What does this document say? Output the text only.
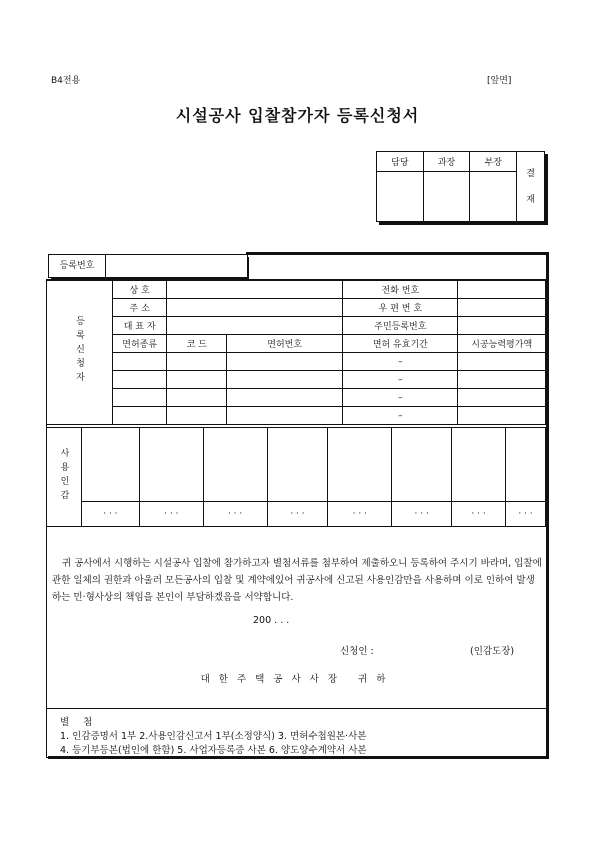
B4전용	[앞면]
시설공사 입찰참가자 등록신청서
담당	과장	부장	결
재

등록번호
등록신청자	상 호			전화 번호	
	주 소			우 편 번 호	
	대 표 자			주민등록번호	
	면허종류	코 드	면허번호	면허 유효기간	시공능력평가액
				–	
				–	
				–	
				–	
사용인감								
	· · ·	· · ·	· · ·	· · ·	· · ·	· · ·	· · ·	· · ·

귀 공사에서 시행하는 시설공사 입찰에 참가하고자 별첨서류를 첨부하여 제출하오니 등록하여 주시기 바라며, 입찰에 관한 일체의 권한과 아울러 모든공사의 입찰 및 계약에있어 귀공사에 신고된 사용인감만을 사용하며 이로 인하여 발생하는 민·형사상의 책임을 본인이 부담하겠음을 서약합니다.

200 . . .
신청인 :	(인감도장)
대한주택공사사장 귀하
별첨
1. 인감증명서 1부 2.사용인감신고서 1부(소정양식) 3. 면허수첩원본·사본
4. 등기부등본(법인에 한함) 5. 사업자등록증 사본 6. 양도양수계약서 사본
